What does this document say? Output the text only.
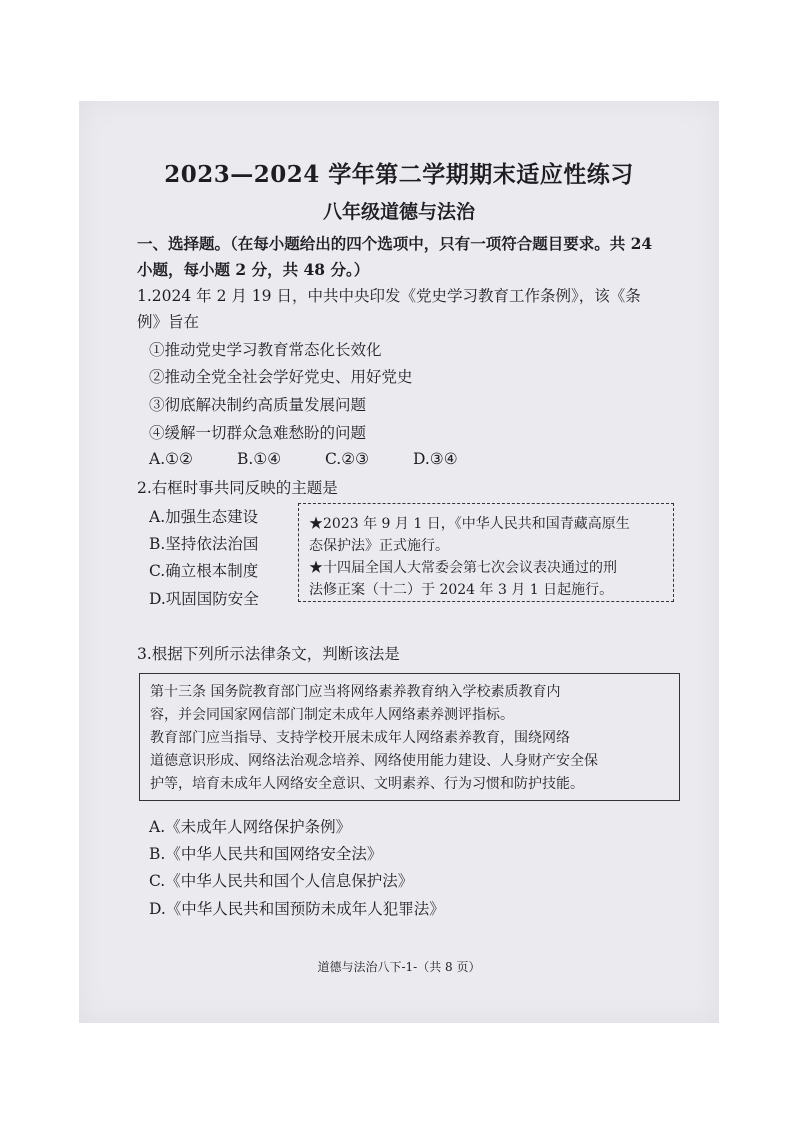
2023—2024 学年第二学期期末适应性练习
八年级道德与法治
一、选择题。（在每小题给出的四个选项中，只有一项符合题目要求。共 24
小题，每小题 2 分，共 48 分。）
1.2024 年 2 月 19 日，中共中央印发《党史学习教育工作条例》，该《条
例》旨在
①推动党史学习教育常态化长效化
②推动全党全社会学好党史、用好党史
③彻底解决制约高质量发展问题
④缓解一切群众急难愁盼的问题
A.①②	B.①④	C.②③	D.③④
2.右框时事共同反映的主题是
A.加强生态建设
B.坚持依法治国
C.确立根本制度
D.巩固国防安全
★2023 年 9 月 1 日，《中华人民共和国青藏高原生
态保护法》正式施行。
★十四届全国人大常委会第七次会议表决通过的刑
法修正案（十二）于 2024 年 3 月 1 日起施行。
3.根据下列所示法律条文，判断该法是
第十三条 国务院教育部门应当将网络素养教育纳入学校素质教育内
容，并会同国家网信部门制定未成年人网络素养测评指标。
教育部门应当指导、支持学校开展未成年人网络素养教育，围绕网络
道德意识形成、网络法治观念培养、网络使用能力建设、人身财产安全保
护等，培育未成年人网络安全意识、文明素养、行为习惯和防护技能。
A.《未成年人网络保护条例》
B.《中华人民共和国网络安全法》
C.《中华人民共和国个人信息保护法》
D.《中华人民共和国预防未成年人犯罪法》
道德与法治八下-1-（共 8 页）
